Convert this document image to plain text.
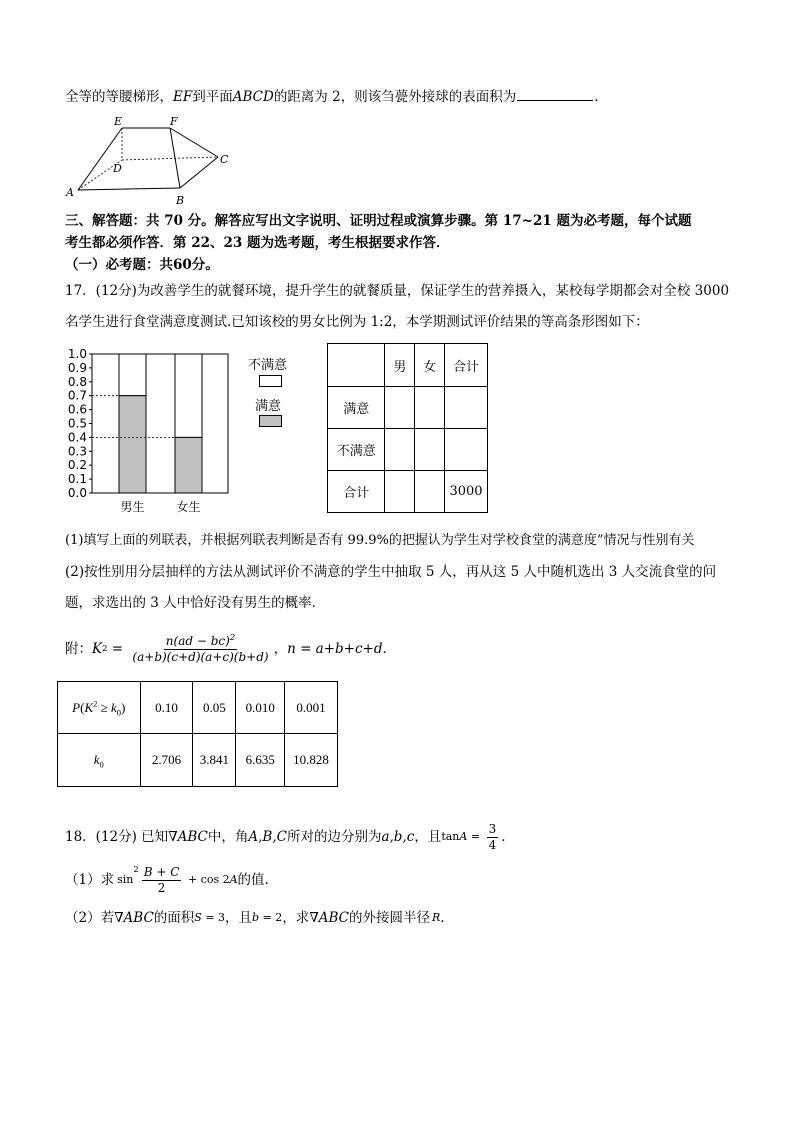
全等的等腰梯形，EF到平面ABCD的距离为 2，则该刍甍外接球的表面积为	.
E	F
D
C
A
B
三、解答题：共 70 分。解答应写出文字说明、证明过程或演算步骤。第 17~21 题为必考题，每个试题
考生都必须作答．第 22、23 题为选考题，考生根据要求作答．
（一）必考题：共60分。
17．(12分)为改善学生的就餐环境，提升学生的就餐质量，保证学生的营养摄入，某校每学期都会对全校 3000
名学生进行食堂满意度测试.已知该校的男女比例为 1:2，本学期测试评价结果的等高条形图如下：
男生	女生
0.0
0.1
0.2
0.3
0.4
0.5
0.6
0.7
0.8
0.9
1.0
不满意
满意
	男	女	合计
满意			
不满意			
合计			3000
(1)填写上面的列联表，并根据列联表判断是否有 99.9%的把握认为学生对学校食堂的满意度”情况与性别有关
(2)按性别用分层抽样的方法从测试评价不满意的学生中抽取 5 人，再从这 5 人中随机选出 3 人交流食堂的问
题，求选出的 3 人中恰好没有男生的概率．
附： K $2 = \frac{n(ad - bc)^2}{(a+b)(c+d)(a+c)(b+d)}$ ， n = a+b+c+d ．
$P(K^2 \ge k_0)$	0.10	0.05	0.010	0.001
$k_0$	2.706	3.841	6.635	10.828
18．(12分) 已知 ∇ABC 中，角 A,B,C 所对的边分别为 a,b,c ，且 $\tan A = \frac{3}{4}$ .
（1）求 sin
$2 \frac{B + C}{2} + \cos 2$ A 的值.
（2）若 ∇ABC 的面积 S = 3 ，且 b = 2 ，求 ∇ABC 的外接圆半径 R .
